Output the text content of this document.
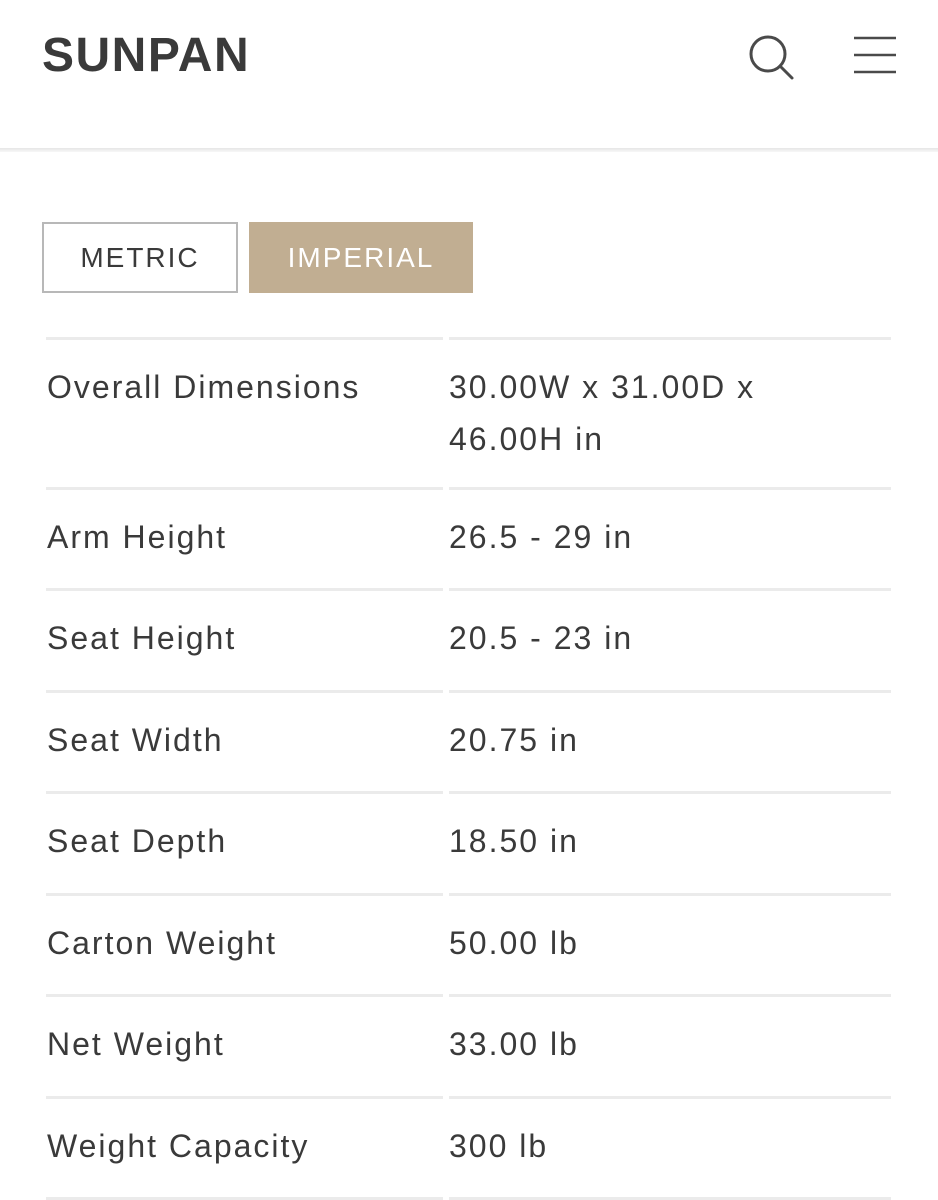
SUNPAN
METRIC	IMPERIAL
Overall Dimensions	30.00W x 31.00D x 46.00H in
Arm Height	26.5 - 29 in
Seat Height	20.5 - 23 in
Seat Width	20.75 in
Seat Depth	18.50 in
Carton Weight	50.00 lb
Net Weight	33.00 lb
Weight Capacity	300 lb
